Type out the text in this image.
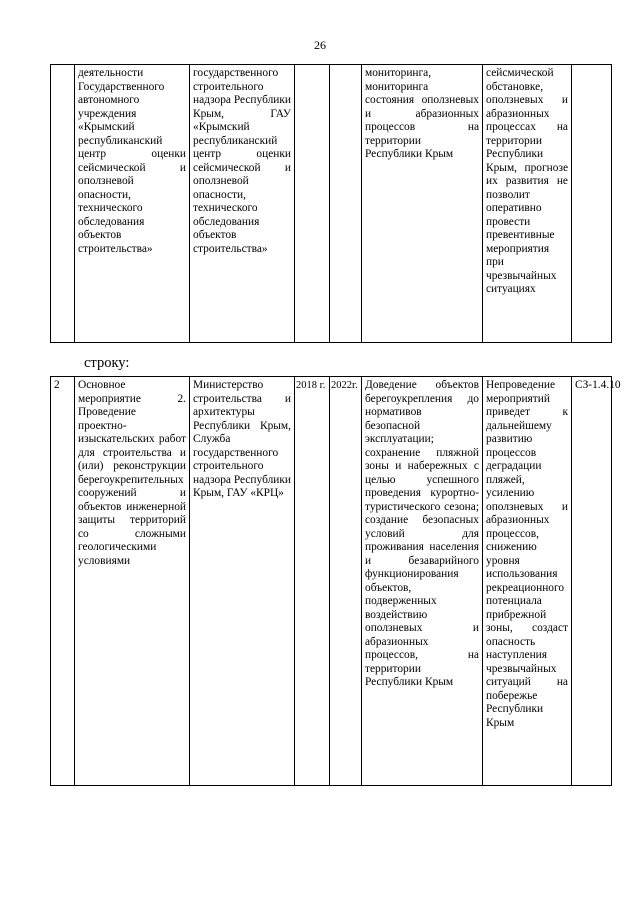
26
	деятельности Государственного автономного учреждения «Крымский республиканский центр оценки сейсмической и оползневой опасности, технического обследования объектов строительства»	государственного строительного надзора Республики Крым, ГАУ «Крымский республиканский центр оценки сейсмической и оползневой опасности, технического обследования объектов строительства»			мониторинга, мониторинга состояния оползневых и абразионных процессов на территории Республики Крым	сейсмической обстановке, оползневых и абразионных процессах на территории Республики Крым, прогнозе их развития не позволит оперативно провести превентивные мероприятия при чрезвычайных ситуациях	
строку:
2	Основное мероприятие 2. Проведение проектно-изыскательских работ для строительства и (или) реконструкции берегоукрепительных сооружений и объектов инженерной защиты территорий со сложными геологическими условиями	Министерство строительства и архитектуры Республики Крым, Служба государственного строительного надзора Республики Крым, ГАУ «КРЦ»	2018 г.	2022г.	Доведение объектов берегоукрепления до нормативов безопасной эксплуатации; сохранение пляжной зоны и набережных с целью успешного проведения курортно-туристического сезона; создание безопасных условий для проживания населения и безаварийного функционирования объектов, подверженных воздействию оползневых и абразионных процессов, на территории Республики Крым	Непроведение мероприятий приведет к дальнейшему развитию процессов деградации пляжей, усилению оползневых и абразионных процессов, снижению уровня использования рекреационного потенциала прибрежной зоны, создаст опасность наступления чрезвычайных ситуаций на побережье Республики Крым	СЗ-1.4.10
